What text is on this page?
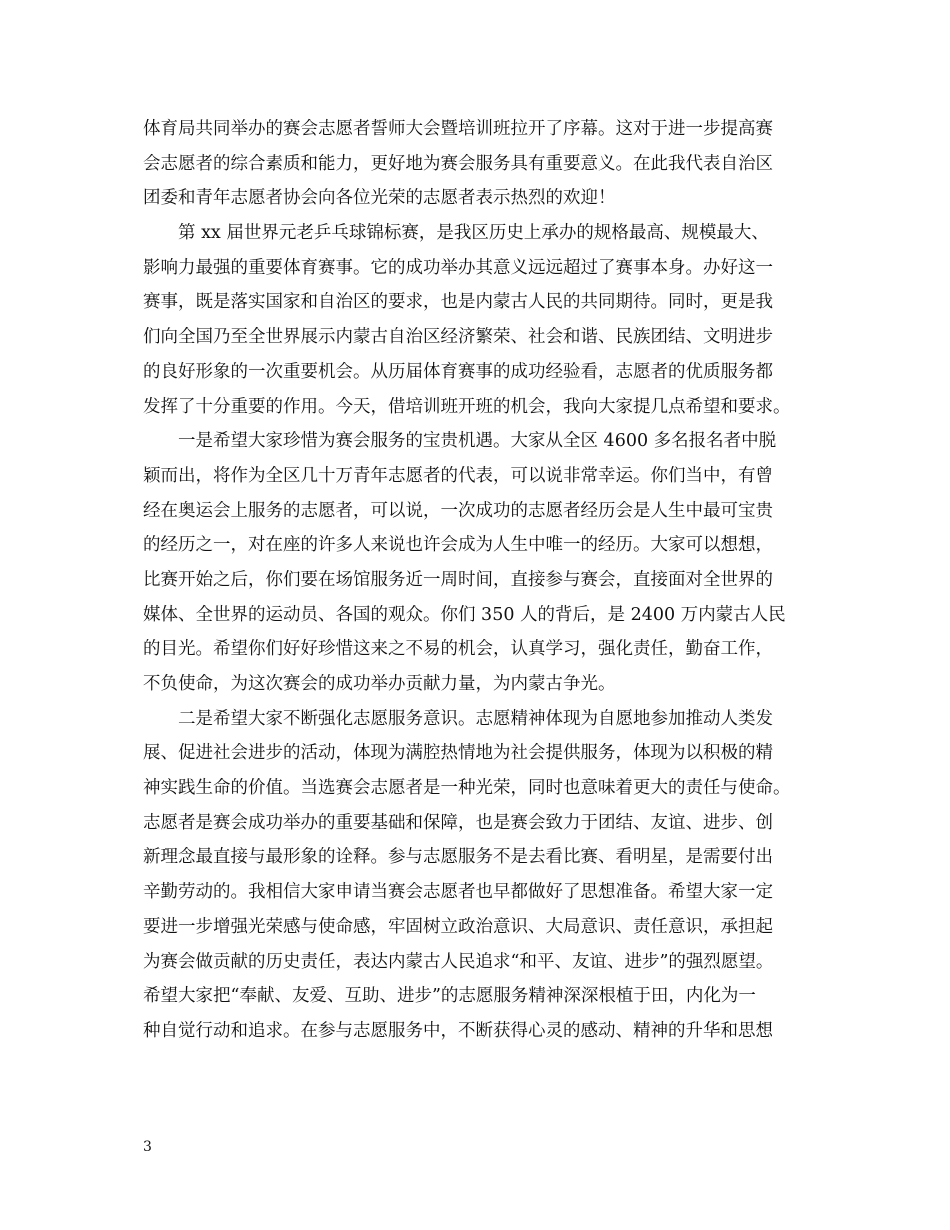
体育局共同举办的赛会志愿者誓师大会暨培训班拉开了序幕。这对于进一步提高赛
会志愿者的综合素质和能力，更好地为赛会服务具有重要意义。在此我代表自治区
团委和青年志愿者协会向各位光荣的志愿者表示热烈的欢迎！
第 xx 届世界元老乒乓球锦标赛，是我区历史上承办的规格最高、规模最大、
影响力最强的重要体育赛事。它的成功举办其意义远远超过了赛事本身。办好这一
赛事，既是落实国家和自治区的要求，也是内蒙古人民的共同期待。同时，更是我
们向全国乃至全世界展示内蒙古自治区经济繁荣、社会和谐、民族团结、文明进步
的良好形象的一次重要机会。从历届体育赛事的成功经验看，志愿者的优质服务都
发挥了十分重要的作用。今天，借培训班开班的机会，我向大家提几点希望和要求。
一是希望大家珍惜为赛会服务的宝贵机遇。大家从全区 4600 多名报名者中脱
颖而出，将作为全区几十万青年志愿者的代表，可以说非常幸运。你们当中，有曾
经在奥运会上服务的志愿者，可以说，一次成功的志愿者经历会是人生中最可宝贵
的经历之一，对在座的许多人来说也许会成为人生中唯一的经历。大家可以想想，
比赛开始之后，你们要在场馆服务近一周时间，直接参与赛会，直接面对全世界的
媒体、全世界的运动员、各国的观众。你们 350 人的背后，是 2400 万内蒙古人民
的目光。希望你们好好珍惜这来之不易的机会，认真学习，强化责任，勤奋工作，
不负使命，为这次赛会的成功举办贡献力量，为内蒙古争光。
二是希望大家不断强化志愿服务意识。志愿精神体现为自愿地参加推动人类发
展、促进社会进步的活动，体现为满腔热情地为社会提供服务，体现为以积极的精
神实践生命的价值。当选赛会志愿者是一种光荣，同时也意味着更大的责任与使命。
志愿者是赛会成功举办的重要基础和保障，也是赛会致力于团结、友谊、进步、创
新理念最直接与最形象的诠释。参与志愿服务不是去看比赛、看明星，是需要付出
辛勤劳动的。我相信大家申请当赛会志愿者也早都做好了思想准备。希望大家一定
要进一步增强光荣感与使命感，牢固树立政治意识、大局意识、责任意识，承担起
为赛会做贡献的历史责任，表达内蒙古人民追求“和平、友谊、进步”的强烈愿望。
希望大家把“奉献、友爱、互助、进步”的志愿服务精神深深根植于田，内化为一
种自觉行动和追求。在参与志愿服务中，不断获得心灵的感动、精神的升华和思想
3
